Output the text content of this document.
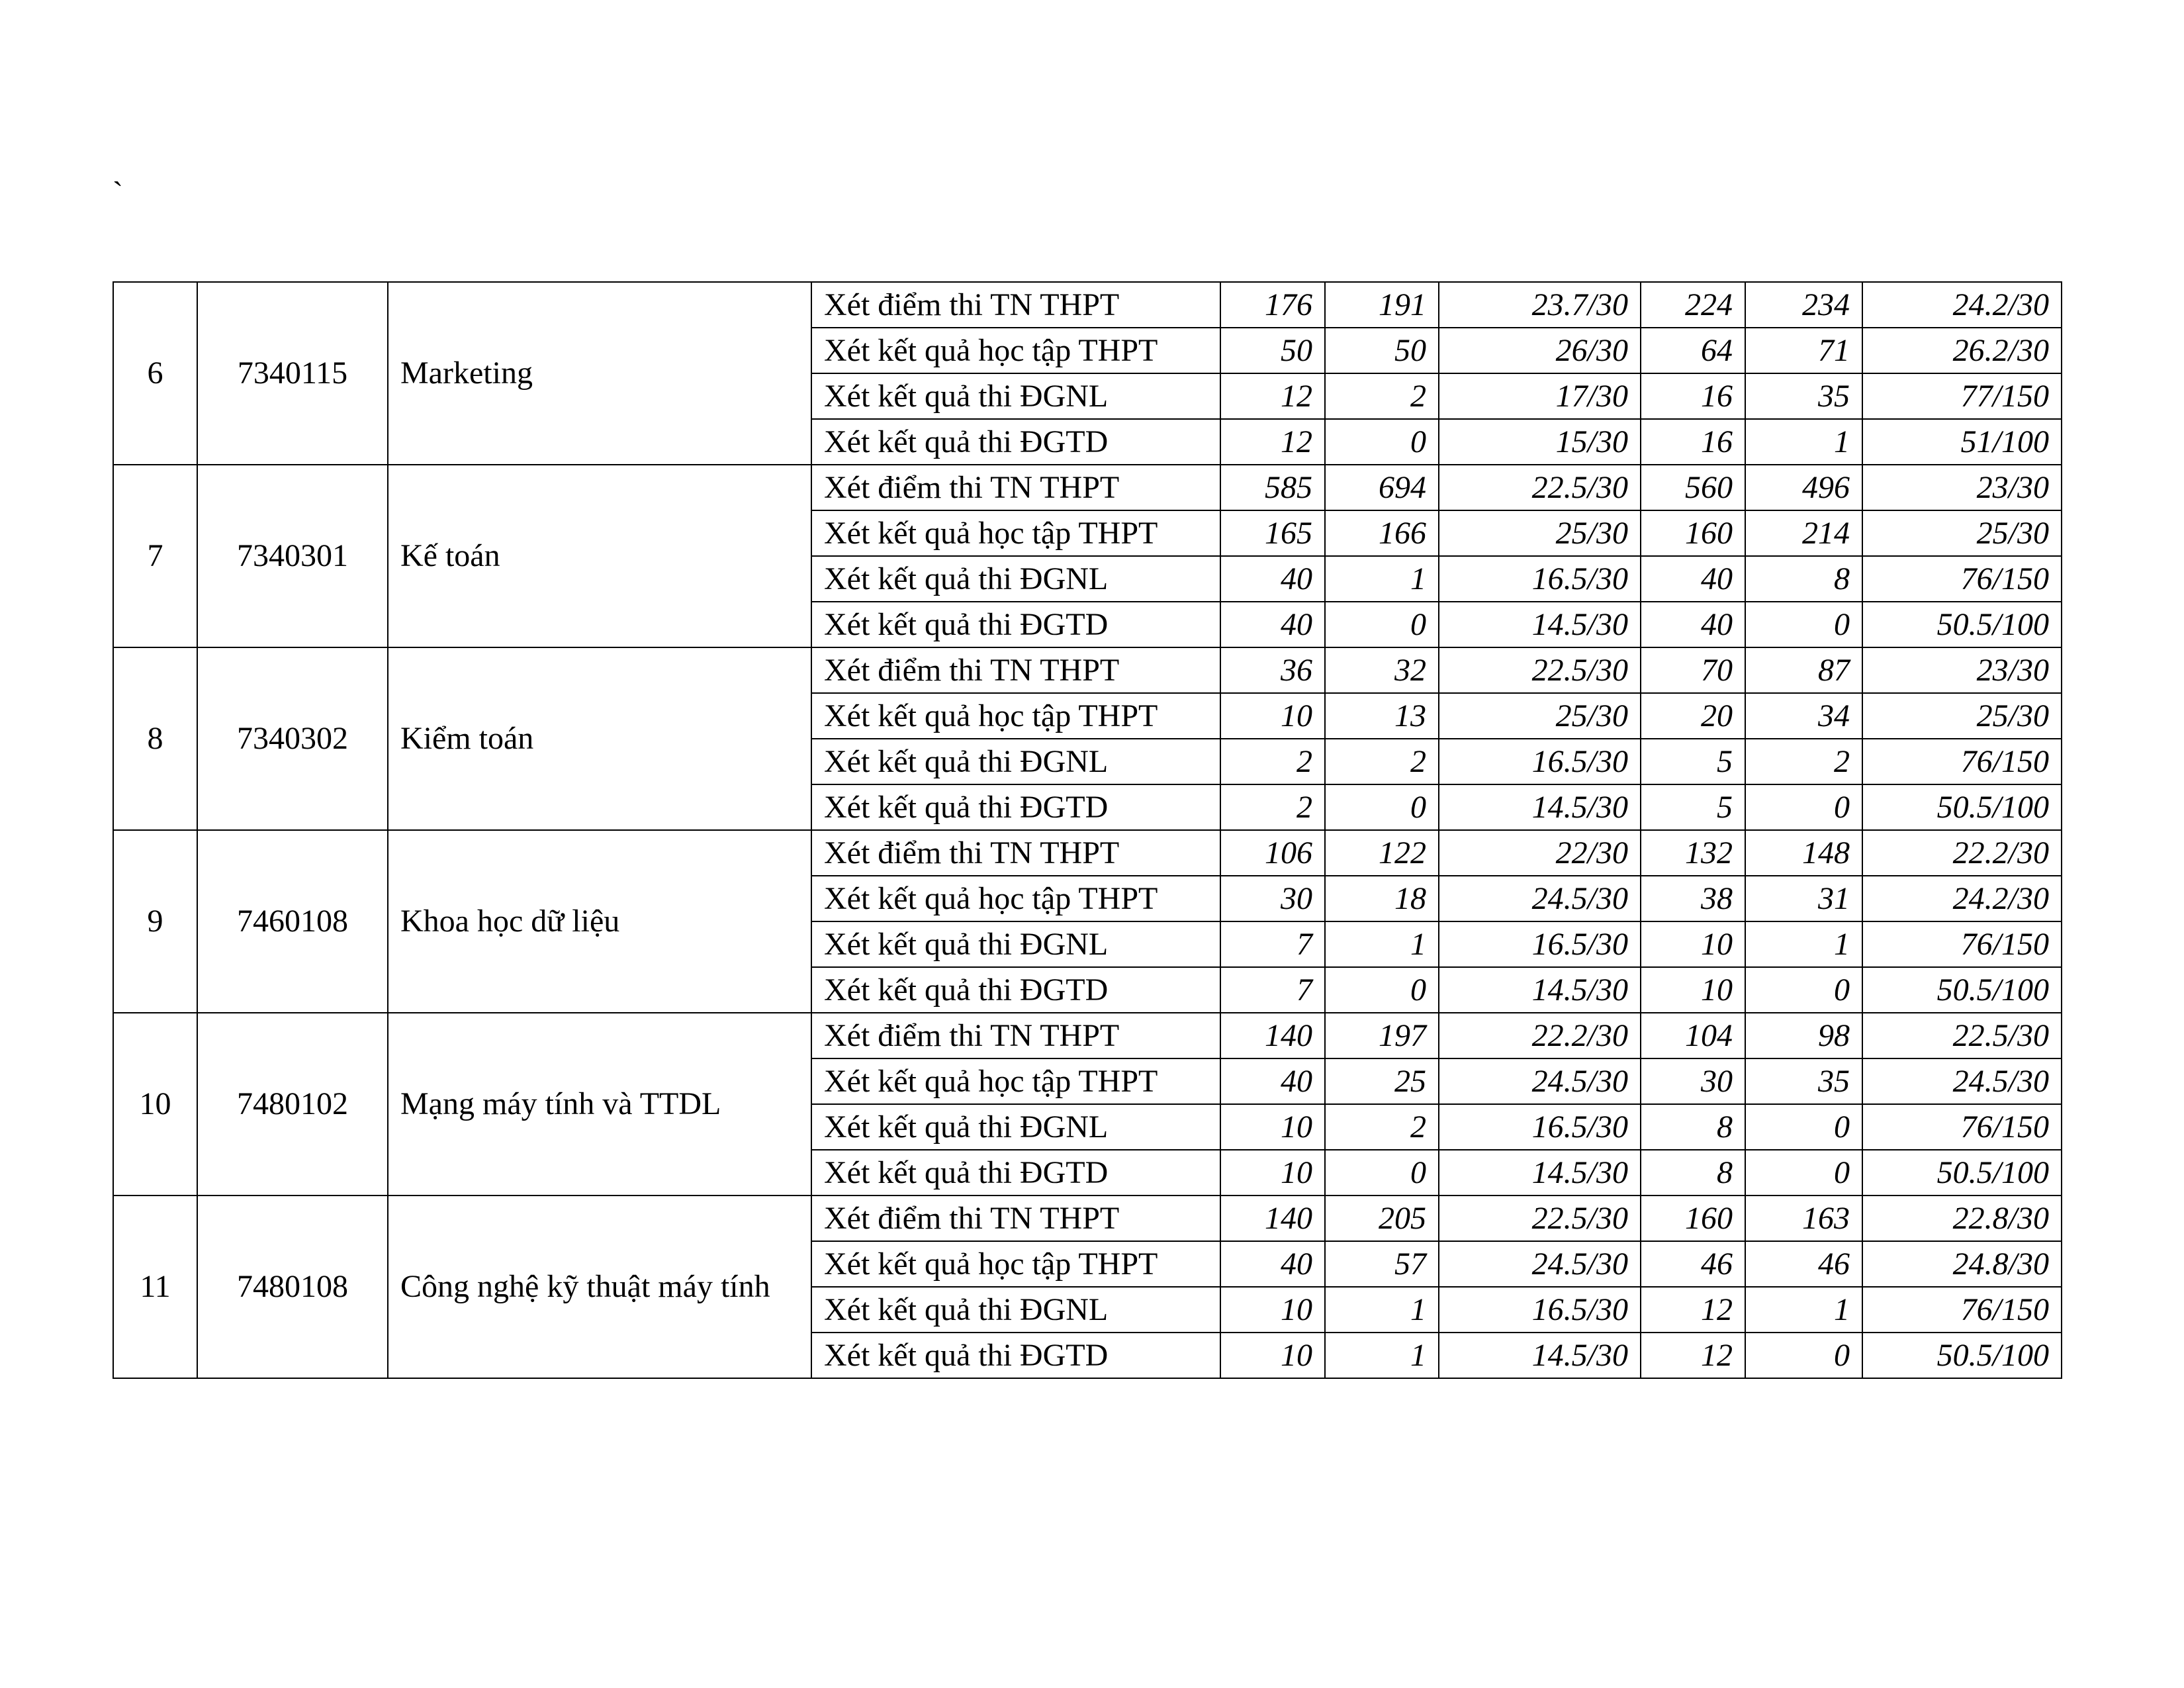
`
6	7340115	Marketing	Xét điểm thi TN THPT	176	191	23.7/30	224	234	24.2/30
			Xét kết quả học tập THPT	50	50	26/30	64	71	26.2/30
			Xét kết quả thi ĐGNL	12	2	17/30	16	35	77/150
			Xét kết quả thi ĐGTD	12	0	15/30	16	1	51/100
7	7340301	Kế toán	Xét điểm thi TN THPT	585	694	22.5/30	560	496	23/30
			Xét kết quả học tập THPT	165	166	25/30	160	214	25/30
			Xét kết quả thi ĐGNL	40	1	16.5/30	40	8	76/150
			Xét kết quả thi ĐGTD	40	0	14.5/30	40	0	50.5/100
8	7340302	Kiểm toán	Xét điểm thi TN THPT	36	32	22.5/30	70	87	23/30
			Xét kết quả học tập THPT	10	13	25/30	20	34	25/30
			Xét kết quả thi ĐGNL	2	2	16.5/30	5	2	76/150
			Xét kết quả thi ĐGTD	2	0	14.5/30	5	0	50.5/100
9	7460108	Khoa học dữ liệu	Xét điểm thi TN THPT	106	122	22/30	132	148	22.2/30
			Xét kết quả học tập THPT	30	18	24.5/30	38	31	24.2/30
			Xét kết quả thi ĐGNL	7	1	16.5/30	10	1	76/150
			Xét kết quả thi ĐGTD	7	0	14.5/30	10	0	50.5/100
10	7480102	Mạng máy tính và TTDL	Xét điểm thi TN THPT	140	197	22.2/30	104	98	22.5/30
			Xét kết quả học tập THPT	40	25	24.5/30	30	35	24.5/30
			Xét kết quả thi ĐGNL	10	2	16.5/30	8	0	76/150
			Xét kết quả thi ĐGTD	10	0	14.5/30	8	0	50.5/100
11	7480108	Công nghệ kỹ thuật máy tính	Xét điểm thi TN THPT	140	205	22.5/30	160	163	22.8/30
			Xét kết quả học tập THPT	40	57	24.5/30	46	46	24.8/30
			Xét kết quả thi ĐGNL	10	1	16.5/30	12	1	76/150
			Xét kết quả thi ĐGTD	10	1	14.5/30	12	0	50.5/100
